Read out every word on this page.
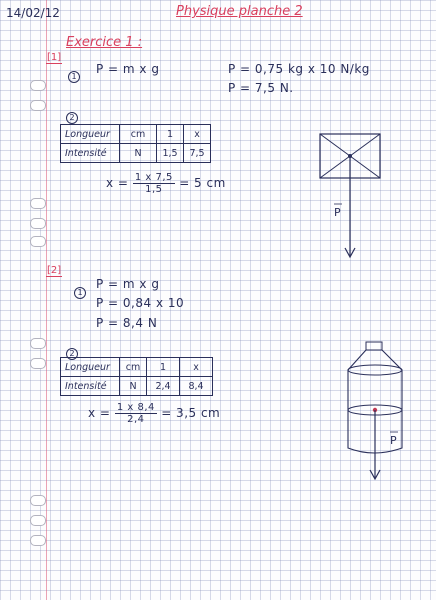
14/02/12	Physique planche 2
Exercice 1 :
[1]
1
P = m x g	P = 0,75 kg x 10 N/kg
P = 7,5 N.
2
Longueur	cm	1	x
Intensité	N	1,5	7,5
$x = \frac{1 x 7,5}{1,5} = 5$ cm
P
[2]
1
P = m x g
P = 0,84 x 10
P = 8,4 N
2
Longueur	cm	1	x
Intensité	N	2,4	8,4
$x = \frac{1 x 8,4}{2,4} = 3,5$ cm
P
